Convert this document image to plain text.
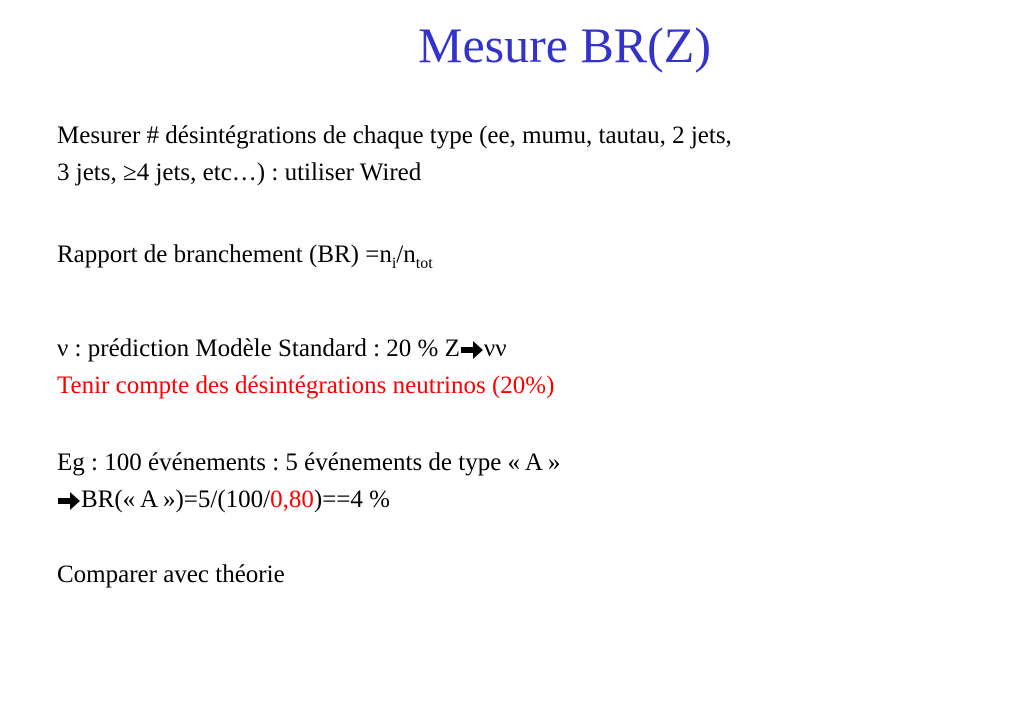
Mesure BR(Z)
Mesurer # désintégrations de chaque type (ee, mumu, tautau, 2 jets,
3 jets, ≥4 jets, etc…) : utiliser Wired
Rapport de branchement $(BR) =n_i/n_{tot}$
ν : prédiction Modèle Standard : 20 % Z νν
Tenir compte des désintégrations neutrinos (20%)
Eg : 100 événements : 5 événements de type « A »
BR(« A »)=5/(100/0,80)==4 %
Comparer avec théorie
